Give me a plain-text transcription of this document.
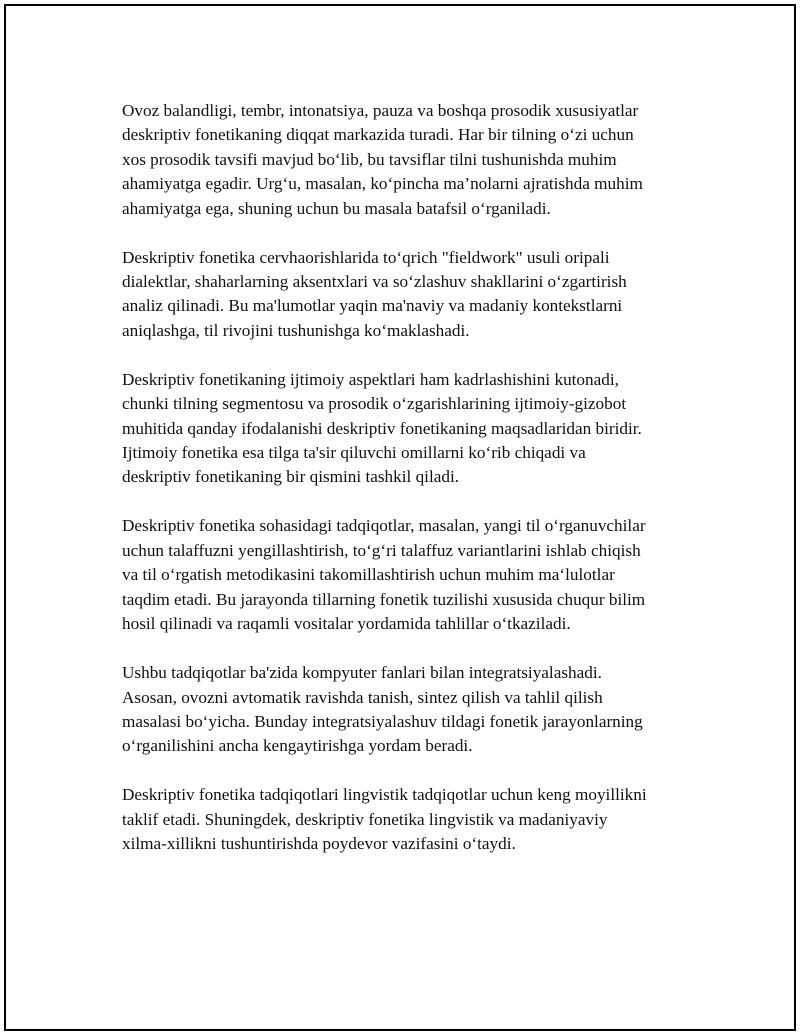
Ovoz balandligi, tembr, intonatsiya, pauza va boshqa prosodik xususiyatlar
deskriptiv fonetikaning diqqat markazida turadi. Har bir tilning o‘zi uchun
xos prosodik tavsifi mavjud bo‘lib, bu tavsiflar tilni tushunishda muhim
ahamiyatga egadir. Urg‘u, masalan, ko‘pincha ma’nolarni ajratishda muhim
ahamiyatga ega, shuning uchun bu masala batafsil o‘rganiladi.

Deskriptiv fonetika cervhaorishlarida to‘qrich "fieldwork" usuli oripali
dialektlar, shaharlarning aksentxlari va so‘zlashuv shakllarini o‘zgartirish
analiz qilinadi. Bu ma'lumotlar yaqin ma'naviy va madaniy kontekstlarni
aniqlashga, til rivojini tushunishga ko‘maklashadi.

Deskriptiv fonetikaning ijtimoiy aspektlari ham kadrlashishini kutonadi,
chunki tilning segmentosu va prosodik o‘zgarishlarining ijtimoiy-gizobot
muhitida qanday ifodalanishi deskriptiv fonetikaning maqsadlaridan biridir.
Ijtimoiy fonetika esa tilga ta'sir qiluvchi omillarni ko‘rib chiqadi va
deskriptiv fonetikaning bir qismini tashkil qiladi.

Deskriptiv fonetika sohasidagi tadqiqotlar, masalan, yangi til o‘rganuvchilar
uchun talaffuzni yengillashtirish, to‘g‘ri talaffuz variantlarini ishlab chiqish
va til o‘rgatish metodikasini takomillashtirish uchun muhim ma‘lulotlar
taqdim etadi. Bu jarayonda tillarning fonetik tuzilishi xususida chuqur bilim
hosil qilinadi va raqamli vositalar yordamida tahlillar o‘tkaziladi.

Ushbu tadqiqotlar ba'zida kompyuter fanlari bilan integratsiyalashadi.
Asosan, ovozni avtomatik ravishda tanish, sintez qilish va tahlil qilish
masalasi bo‘yicha. Bunday integratsiyalashuv tildagi fonetik jarayonlarning
o‘rganilishini ancha kengaytirishga yordam beradi.

Deskriptiv fonetika tadqiqotlari lingvistik tadqiqotlar uchun keng moyillikni
taklif etadi. Shuningdek, deskriptiv fonetika lingvistik va madaniyaviy
xilma-xillikni tushuntirishda poydevor vazifasini o‘taydi.
